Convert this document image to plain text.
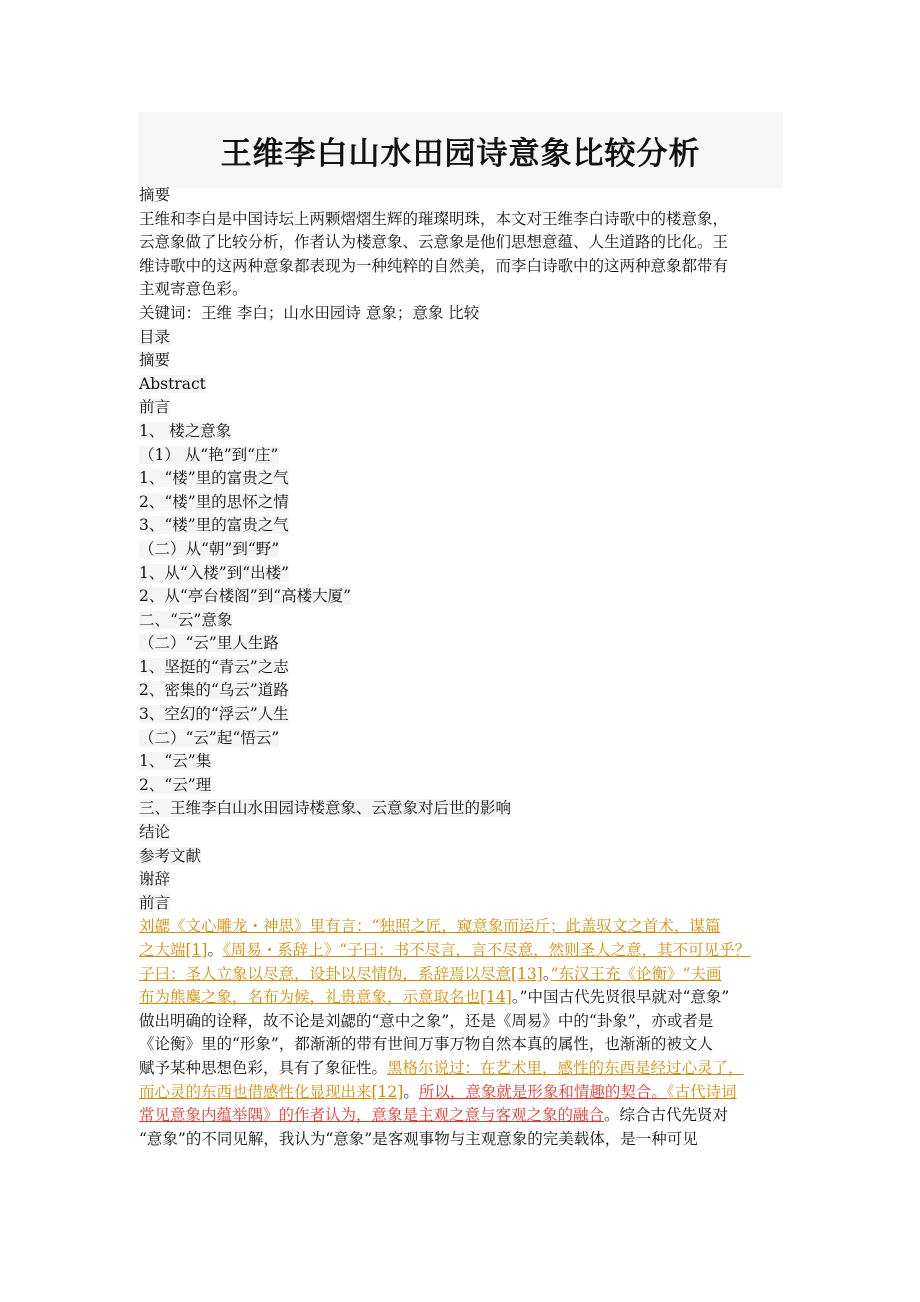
王维李白山水田园诗意象比较分析
摘要
王维和李白是中国诗坛上两颗熠熠生辉的璀璨明珠，本文对王维李白诗歌中的楼意象，
云意象做了比较分析，作者认为楼意象、云意象是他们思想意蕴、人生道路的比化。王
维诗歌中的这两种意象都表现为一种纯粹的自然美，而李白诗歌中的这两种意象都带有
主观寄意色彩。
关键词：王维 李白；山水田园诗 意象；意象 比较
目录
摘要
Abstract
前言
1、 楼之意象
（1） 从“艳”到“庄”
1、“楼”里的富贵之气
2、“楼”里的思怀之情
3、“楼”里的富贵之气
（二）从“朝”到“野”
1、从“入楼”到“出楼”
2、从“亭台楼阁”到“高楼大厦”
二、“云”意象
（二）“云”里人生路
1、坚挺的“青云”之志
2、密集的“乌云”道路
3、空幻的“浮云”人生
（二）“云”起“悟云”
1、“云”集
2、“云”理
三、王维李白山水田园诗楼意象、云意象对后世的影响
结论
参考文献
谢辞
前言
刘勰《文心雕龙・神思》里有言：“独照之匠，窥意象而运斤；此盖驭文之首术，谋篇
之大端[1]。《周易・系辞上》“子曰：书不尽言，言不尽意，然则圣人之意，其不可见乎？
子曰：圣人立象以尽意，设卦以尽情伪，系辞焉以尽意[13]。”东汉王充《论衡》“夫画
布为熊麋之象，名布为候，礼贵意象，示意取名也[14]。”中国古代先贤很早就对“意象”
做出明确的诠释，故不论是刘勰的“意中之象”，还是《周易》中的“卦象”，亦或者是
《论衡》里的“形象”，都渐渐的带有世间万事万物自然本真的属性，也渐渐的被文人
赋予某种思想色彩，具有了象征性。黑格尔说过：在艺术里，感性的东西是经过心灵了，
而心灵的东西也借感性化显现出来[12]。所以，意象就是形象和情趣的契合。《古代诗词
常见意象内蕴举隅》的作者认为，意象是主观之意与客观之象的融合。综合古代先贤对
“意象”的不同见解，我认为“意象”是客观事物与主观意象的完美载体，是一种可见
